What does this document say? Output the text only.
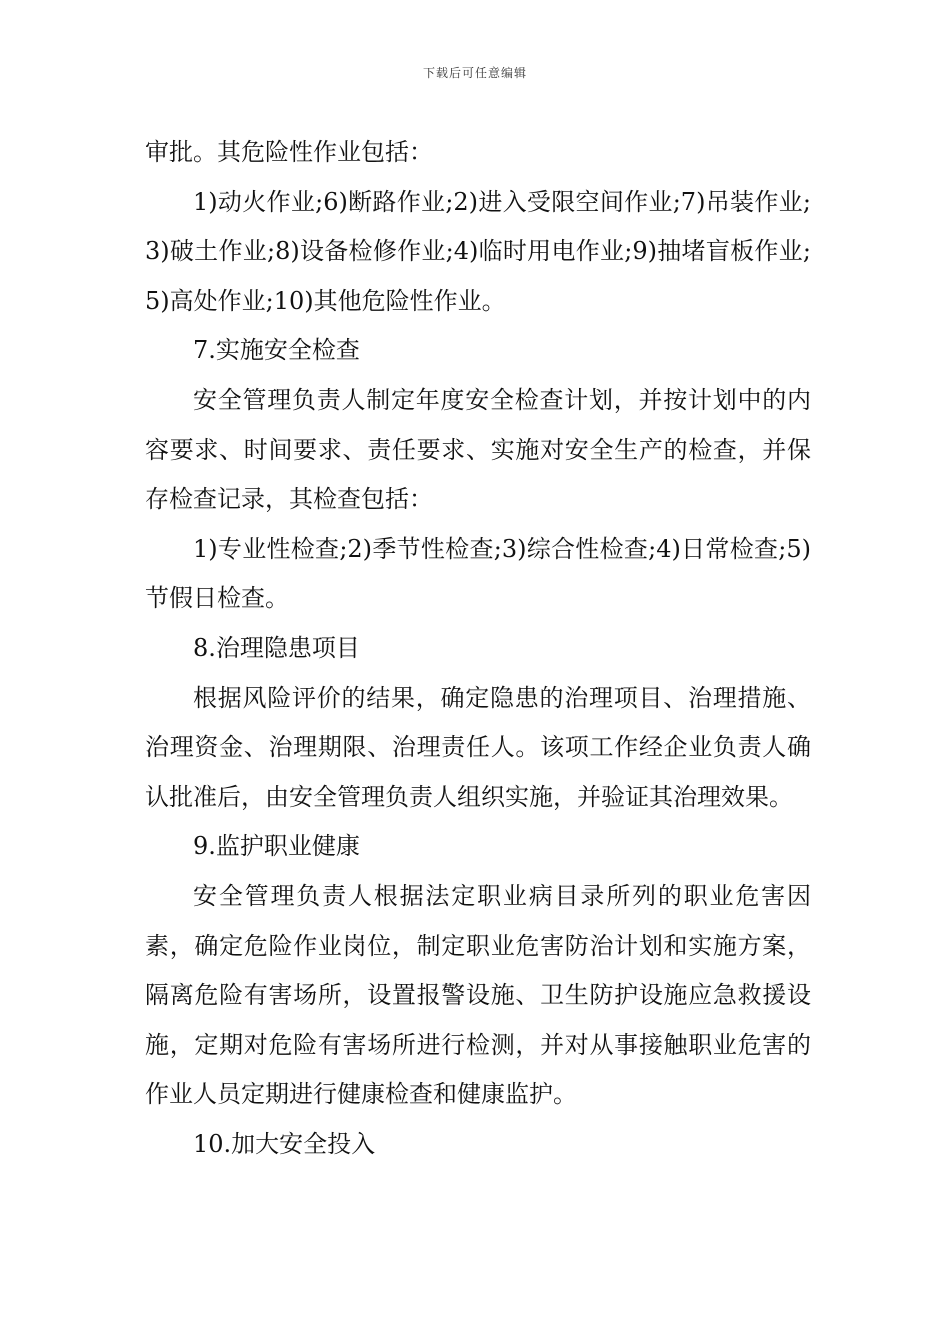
下载后可任意编辑

审批。其危险性作业包括：

1)动火作业;6)断路作业;2)进入受限空间作业;7)吊装作业;3)破土作业;8)设备检修作业;4)临时用电作业;9)抽堵盲板作业;5)高处作业;10)其他危险性作业。

7.实施安全检查

安全管理负责人制定年度安全检查计划，并按计划中的内容要求、时间要求、责任要求、实施对安全生产的检查，并保存检查记录，其检查包括：

1)专业性检查;2)季节性检查;3)综合性检查;4)日常检查;5)节假日检查。

8.治理隐患项目

根据风险评价的结果，确定隐患的治理项目、治理措施、治理资金、治理期限、治理责任人。该项工作经企业负责人确认批准后，由安全管理负责人组织实施，并验证其治理效果。

9.监护职业健康

安全管理负责人根据法定职业病目录所列的职业危害因素，确定危险作业岗位，制定职业危害防治计划和实施方案，隔离危险有害场所，设置报警设施、卫生防护设施应急救援设施，定期对危险有害场所进行检测，并对从事接触职业危害的作业人员定期进行健康检查和健康监护。

10.加大安全投入
